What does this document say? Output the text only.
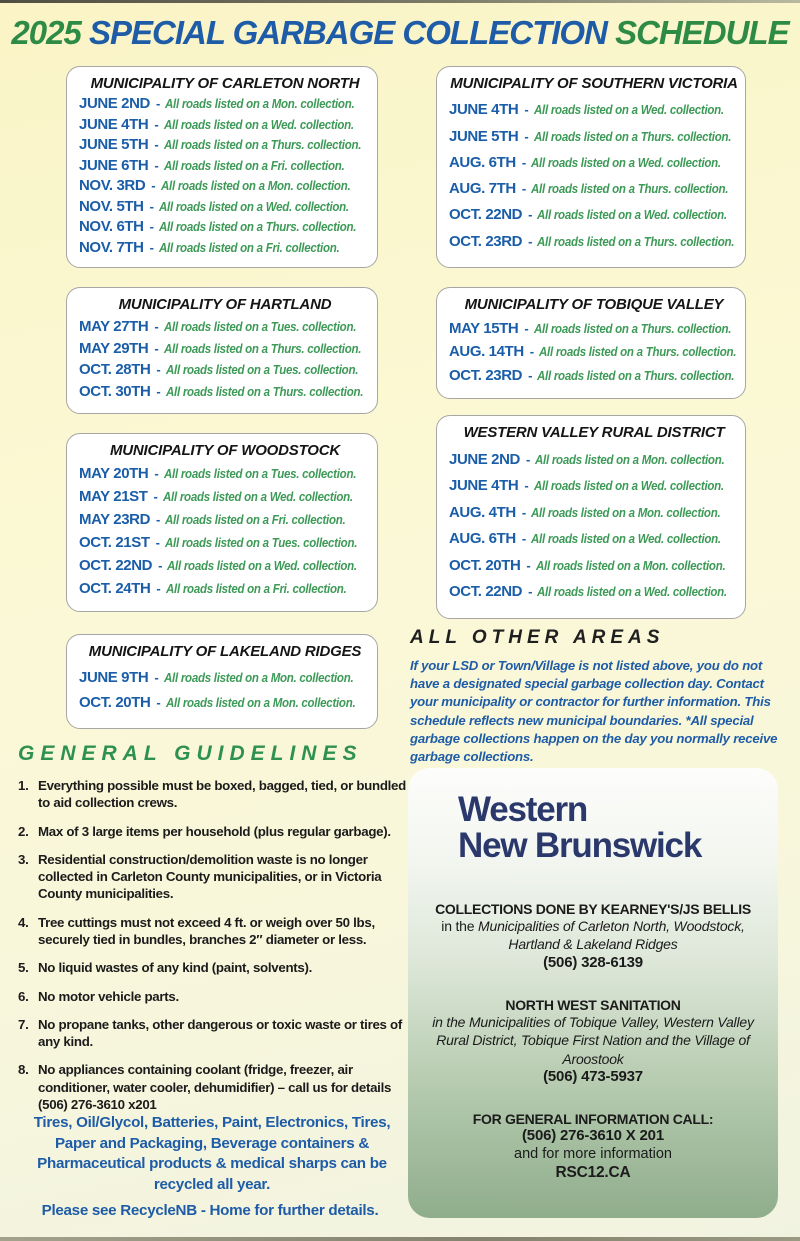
2025 SPECIAL GARBAGE COLLECTION SCHEDULE
MUNICIPALITY OF CARLETON NORTH
JUNE 2ND - All roads listed on a Mon. collection.
JUNE 4TH - All roads listed on a Wed. collection.
JUNE 5TH - All roads listed on a Thurs. collection.
JUNE 6TH - All roads listed on a Fri. collection.
NOV. 3RD - All roads listed on a Mon. collection.
NOV. 5TH - All roads listed on a Wed. collection.
NOV. 6TH - All roads listed on a Thurs. collection.
NOV. 7TH - All roads listed on a Fri. collection.
MUNICIPALITY OF HARTLAND
MAY 27TH - All roads listed on a Tues. collection.
MAY 29TH - All roads listed on a Thurs. collection.
OCT. 28TH - All roads listed on a Tues. collection.
OCT. 30TH - All roads listed on a Thurs. collection.
MUNICIPALITY OF WOODSTOCK
MAY 20TH - All roads listed on a Tues. collection.
MAY 21ST - All roads listed on a Wed. collection.
MAY 23RD - All roads listed on a Fri. collection.
OCT. 21ST - All roads listed on a Tues. collection.
OCT. 22ND - All roads listed on a Wed. collection.
OCT. 24TH - All roads listed on a Fri. collection.
MUNICIPALITY OF LAKELAND RIDGES
JUNE 9TH - All roads listed on a Mon. collection.
OCT. 20TH - All roads listed on a Mon. collection.
MUNICIPALITY OF SOUTHERN VICTORIA
JUNE 4TH - All roads listed on a Wed. collection.
JUNE 5TH - All roads listed on a Thurs. collection.
AUG. 6TH - All roads listed on a Wed. collection.
AUG. 7TH - All roads listed on a Thurs. collection.
OCT. 22ND - All roads listed on a Wed. collection.
OCT. 23RD - All roads listed on a Thurs. collection.
MUNICIPALITY OF TOBIQUE VALLEY
MAY 15TH - All roads listed on a Thurs. collection.
AUG. 14TH - All roads listed on a Thurs. collection.
OCT. 23RD - All roads listed on a Thurs. collection.
WESTERN VALLEY RURAL DISTRICT
JUNE 2ND - All roads listed on a Mon. collection.
JUNE 4TH - All roads listed on a Wed. collection.
AUG. 4TH - All roads listed on a Mon. collection.
AUG. 6TH - All roads listed on a Wed. collection.
OCT. 20TH - All roads listed on a Mon. collection.
OCT. 22ND - All roads listed on a Wed. collection.
ALL OTHER AREAS
If your LSD or Town/Village is not listed above, you do not have a designated special garbage collection day. Contact your municipality or contractor for further information. This schedule reflects new municipal boundaries. *All special garbage collections happen on the day you normally receive garbage collections.
GENERAL GUIDELINES
1. Everything possible must be boxed, bagged, tied, or bundled to aid collection crews.
2. Max of 3 large items per household (plus regular garbage).
3. Residential construction/demolition waste is no longer collected in Carleton County municipalities, or in Victoria County municipalities.
4. Tree cuttings must not exceed 4 ft. or weigh over 50 lbs, securely tied in bundles, branches 2″ diameter or less.
5. No liquid wastes of any kind (paint, solvents).
6. No motor vehicle parts.
7. No propane tanks, other dangerous or toxic waste or tires of any kind.
8. No appliances containing coolant (fridge, freezer, air conditioner, water cooler, dehumidifier) – call us for details (506) 276-3610 x201
Tires, Oil/Glycol, Batteries, Paint, Electronics, Tires, Paper and Packaging, Beverage containers & Pharmaceutical products & medical sharps can be recycled all year.
Please see RecycleNB - Home for further details.
Western
New Brunswick
COLLECTIONS DONE BY KEARNEY'S/JS BELLIS
in the Municipalities of Carleton North, Woodstock, Hartland & Lakeland Ridges
(506) 328-6139
NORTH WEST SANITATION
in the Municipalities of Tobique Valley, Western Valley Rural District, Tobique First Nation and the Village of Aroostook
(506) 473-5937
FOR GENERAL INFORMATION CALL:
(506) 276-3610 X 201
and for more information
RSC12.CA
